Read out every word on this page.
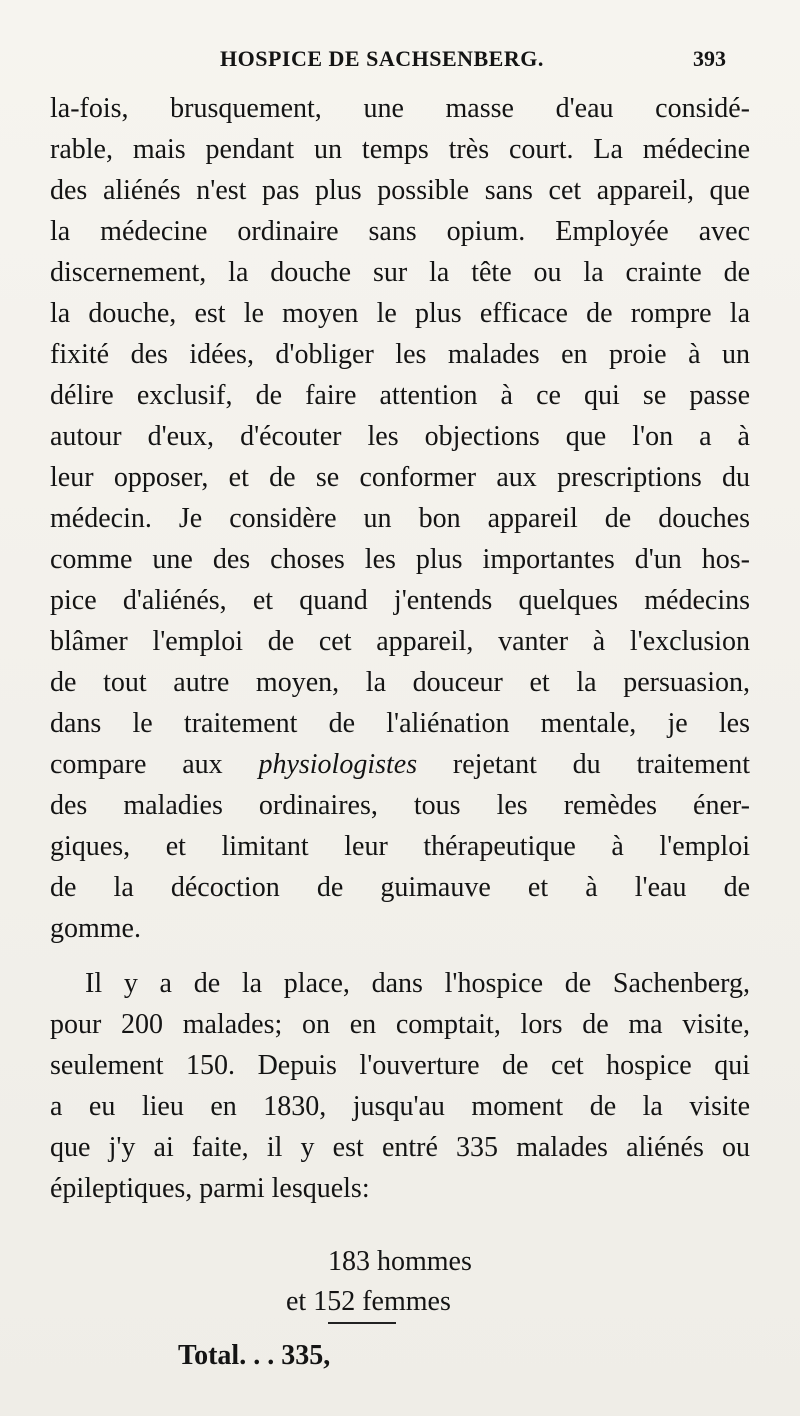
HOSPICE DE SACHSENBERG.	393
la-fois, brusquement, une masse d'eau considé-
rable, mais pendant un temps très court. La médecine
des aliénés n'est pas plus possible sans cet appareil, que
la médecine ordinaire sans opium. Employée avec
discernement, la douche sur la tête ou la crainte de
la douche, est le moyen le plus efficace de rompre la
fixité des idées, d'obliger les malades en proie à un
délire exclusif, de faire attention à ce qui se passe
autour d'eux, d'écouter les objections que l'on a à
leur opposer, et de se conformer aux prescriptions du
médecin. Je considère un bon appareil de douches
comme une des choses les plus importantes d'un hos-
pice d'aliénés, et quand j'entends quelques médecins
blâmer l'emploi de cet appareil, vanter à l'exclusion
de tout autre moyen, la douceur et la persuasion,
dans le traitement de l'aliénation mentale, je les
compare aux physiologistes rejetant du traitement
des maladies ordinaires, tous les remèdes éner-
giques, et limitant leur thérapeutique à l'emploi
de la décoction de guimauve et à l'eau de
gomme.
Il y a de la place, dans l'hospice de Sachenberg,
pour 200 malades; on en comptait, lors de ma visite,
seulement 150. Depuis l'ouverture de cet hospice qui
a eu lieu en 1830, jusqu'au moment de la visite
que j'y ai faite, il y est entré 335 malades aliénés ou
épileptiques, parmi lesquels:
183 hommes
et 152 femmes
Total. . . 335,
